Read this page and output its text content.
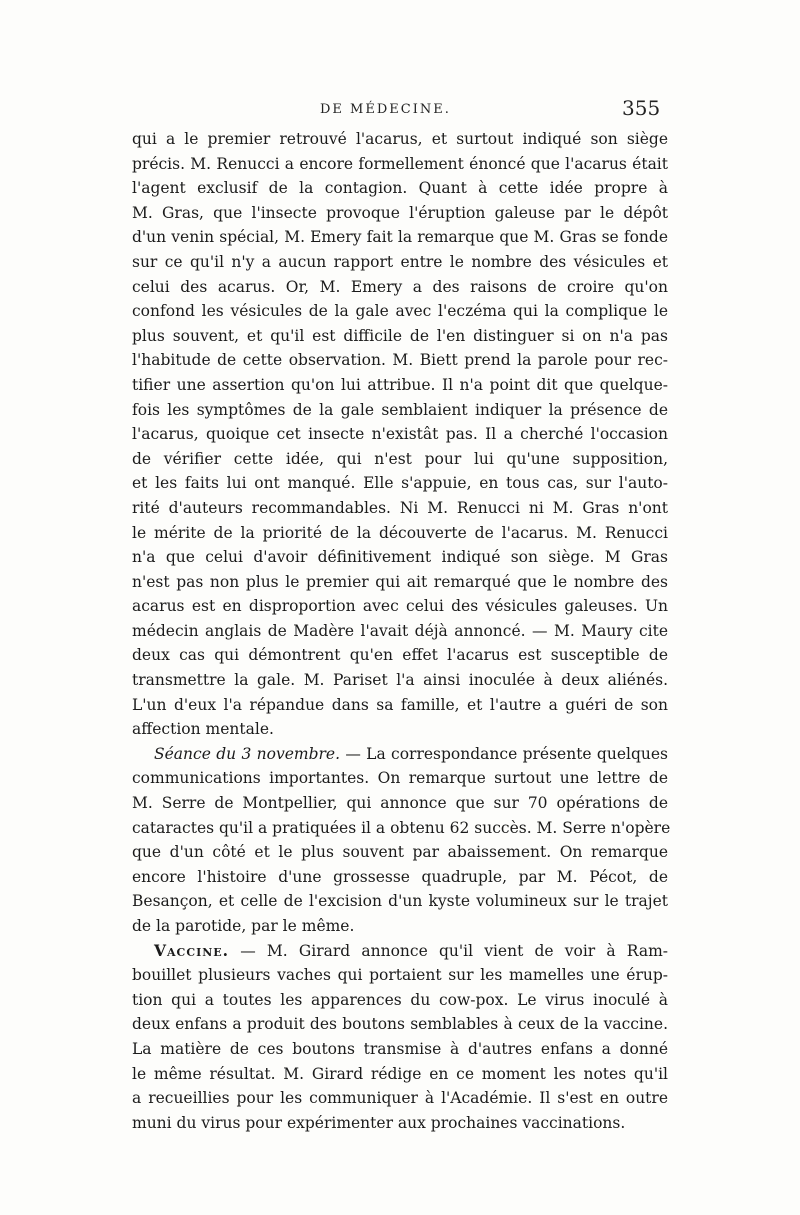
DE MÉDECINE.	355
qui a le premier retrouvé l'acarus, et surtout indiqué son siège
précis. M. Renucci a encore formellement énoncé que l'acarus était
l'agent exclusif de la contagion. Quant à cette idée propre à
M. Gras, que l'insecte provoque l'éruption galeuse par le dépôt
d'un venin spécial, M. Emery fait la remarque que M. Gras se fonde
sur ce qu'il n'y a aucun rapport entre le nombre des vésicules et
celui des acarus. Or, M. Emery a des raisons de croire qu'on
confond les vésicules de la gale avec l'eczéma qui la complique le
plus souvent, et qu'il est difficile de l'en distinguer si on n'a pas
l'habitude de cette observation. M. Biett prend la parole pour rec-
tifier une assertion qu'on lui attribue. Il n'a point dit que quelque-
fois les symptômes de la gale semblaient indiquer la présence de
l'acarus, quoique cet insecte n'existât pas. Il a cherché l'occasion
de vérifier cette idée, qui n'est pour lui qu'une supposition,
et les faits lui ont manqué. Elle s'appuie, en tous cas, sur l'auto-
rité d'auteurs recommandables. Ni M. Renucci ni M. Gras n'ont
le mérite de la priorité de la découverte de l'acarus. M. Renucci
n'a que celui d'avoir définitivement indiqué son siège. M Gras
n'est pas non plus le premier qui ait remarqué que le nombre des
acarus est en disproportion avec celui des vésicules galeuses. Un
médecin anglais de Madère l'avait déjà annoncé. — M. Maury cite
deux cas qui démontrent qu'en effet l'acarus est susceptible de
transmettre la gale. M. Pariset l'a ainsi inoculée à deux aliénés.
L'un d'eux l'a répandue dans sa famille, et l'autre a guéri de son
affection mentale.
Séance du 3 novembre. — La correspondance présente quelques
communications importantes. On remarque surtout une lettre de
M. Serre de Montpellier, qui annonce que sur 70 opérations de
cataractes qu'il a pratiquées il a obtenu 62 succès. M. Serre n'opère
que d'un côté et le plus souvent par abaissement. On remarque
encore l'histoire d'une grossesse quadruple, par M. Pécot, de
Besançon, et celle de l'excision d'un kyste volumineux sur le trajet
de la parotide, par le même.
Vaccine. — M. Girard annonce qu'il vient de voir à Ram-
bouillet plusieurs vaches qui portaient sur les mamelles une érup-
tion qui a toutes les apparences du cow-pox. Le virus inoculé à
deux enfans a produit des boutons semblables à ceux de la vaccine.
La matière de ces boutons transmise à d'autres enfans a donné
le même résultat. M. Girard rédige en ce moment les notes qu'il
a recueillies pour les communiquer à l'Académie. Il s'est en outre
muni du virus pour expérimenter aux prochaines vaccinations.
